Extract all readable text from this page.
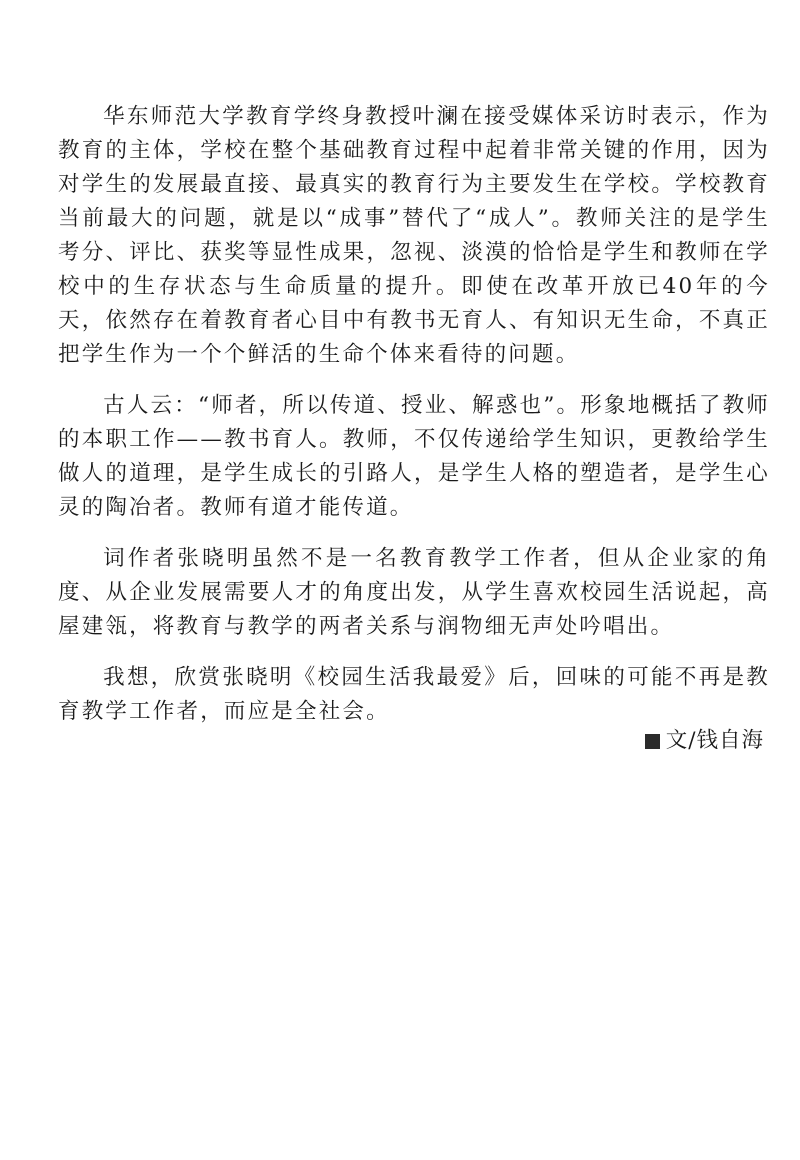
华东师范大学教育学终身教授叶澜在接受媒体采访时表示，作为教育的主体，学校在整个基础教育过程中起着非常关键的作用，因为对学生的发展最直接、最真实的教育行为主要发生在学校。学校教育当前最大的问题，就是以“成事”替代了“成人”。教师关注的是学生考分、评比、获奖等显性成果，忽视、淡漠的恰恰是学生和教师在学校中的生存状态与生命质量的提升。即使在改革开放已40年的今天，依然存在着教育者心目中有教书无育人、有知识无生命，不真正把学生作为一个个鲜活的生命个体来看待的问题。

古人云：“师者，所以传道、授业、解惑也”。形象地概括了教师的本职工作——教书育人。教师，不仅传递给学生知识，更教给学生做人的道理，是学生成长的引路人，是学生人格的塑造者，是学生心灵的陶冶者。教师有道才能传道。

词作者张晓明虽然不是一名教育教学工作者，但从企业家的角度、从企业发展需要人才的角度出发，从学生喜欢校园生活说起，高屋建瓴，将教育与教学的两者关系与润物细无声处吟唱出。

我想，欣赏张晓明《校园生活我最爱》后，回味的可能不再是教育教学工作者，而应是全社会。

文/钱自海
